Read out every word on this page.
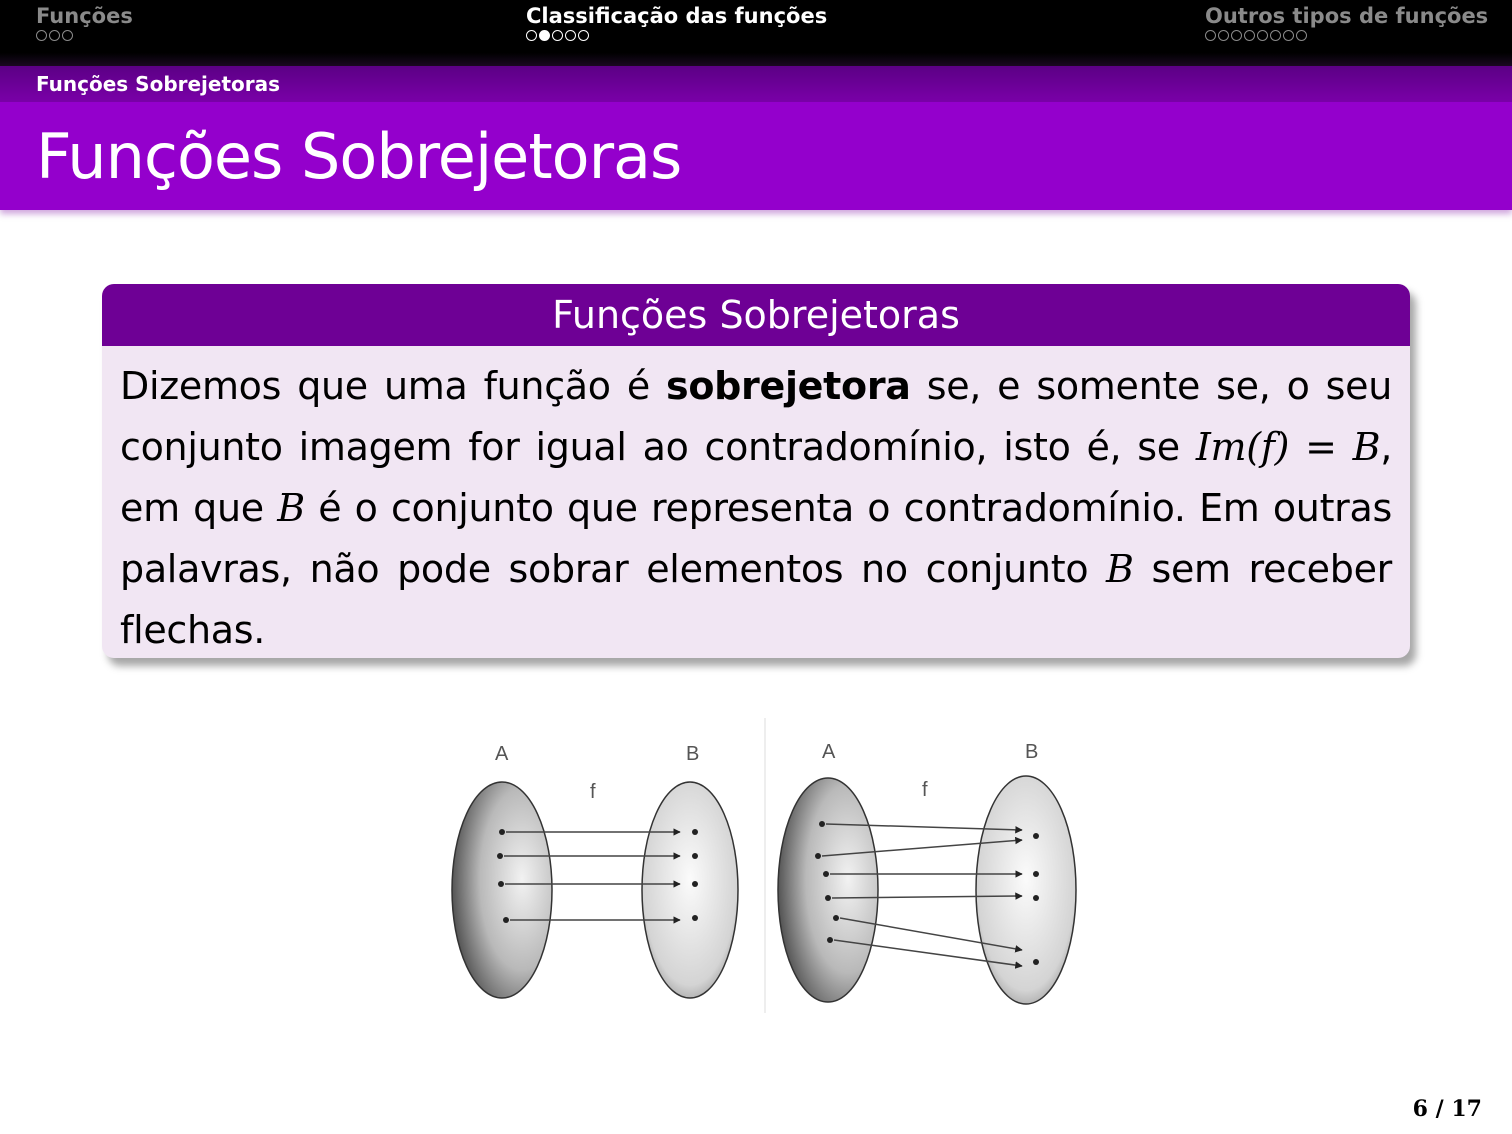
Funções	Classificação das funções	Outros tipos de funções
Funções Sobrejetoras
Funções Sobrejetoras
Funções Sobrejetoras
Dizemos que uma função é sobrejetora se, e somente se, o seu conjunto imagem for igual ao contradomínio, isto é, se Im(f) = B, em que B é o conjunto que representa o contradomínio. Em outras palavras, não pode sobrar elementos no conjunto B sem receber flechas.
A	B
f
A	B
f
6 / 17
